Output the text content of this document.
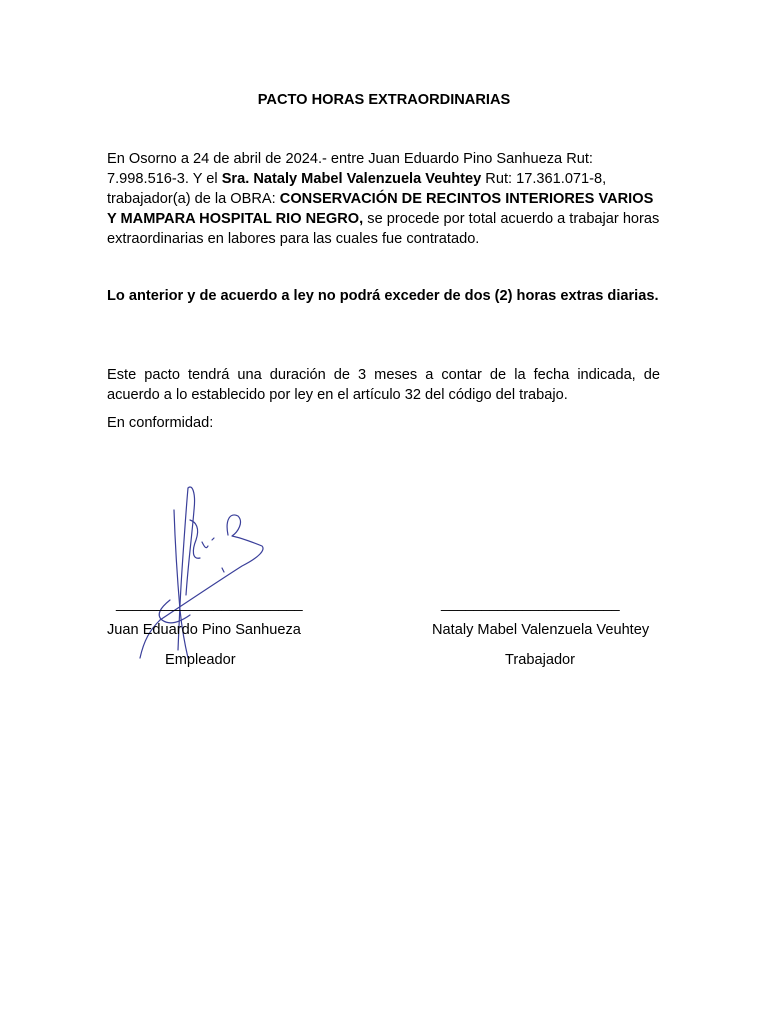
PACTO HORAS EXTRAORDINARIAS

En Osorno a 24 de abril de 2024.- entre Juan Eduardo Pino Sanhueza Rut: 7.998.516-3. Y el Sra. Nataly Mabel Valenzuela Veuhtey Rut: 17.361.071-8, trabajador(a) de la OBRA: CONSERVACIÓN DE RECINTOS INTERIORES VARIOS Y MAMPARA HOSPITAL RIO NEGRO, se procede por total acuerdo a trabajar horas extraordinarias en labores para las cuales fue contratado.

Lo anterior y de acuerdo a ley no podrá exceder de dos (2) horas extras diarias.

Este pacto tendrá una duración de 3 meses a contar de la fecha indicada, de acuerdo a lo establecido por ley en el artículo 32 del código del trabajo.

En conformidad:

_______________________	______________________
Juan Eduardo Pino Sanhueza	Nataly Mabel Valenzuela Veuhtey
Empleador	Trabajador
